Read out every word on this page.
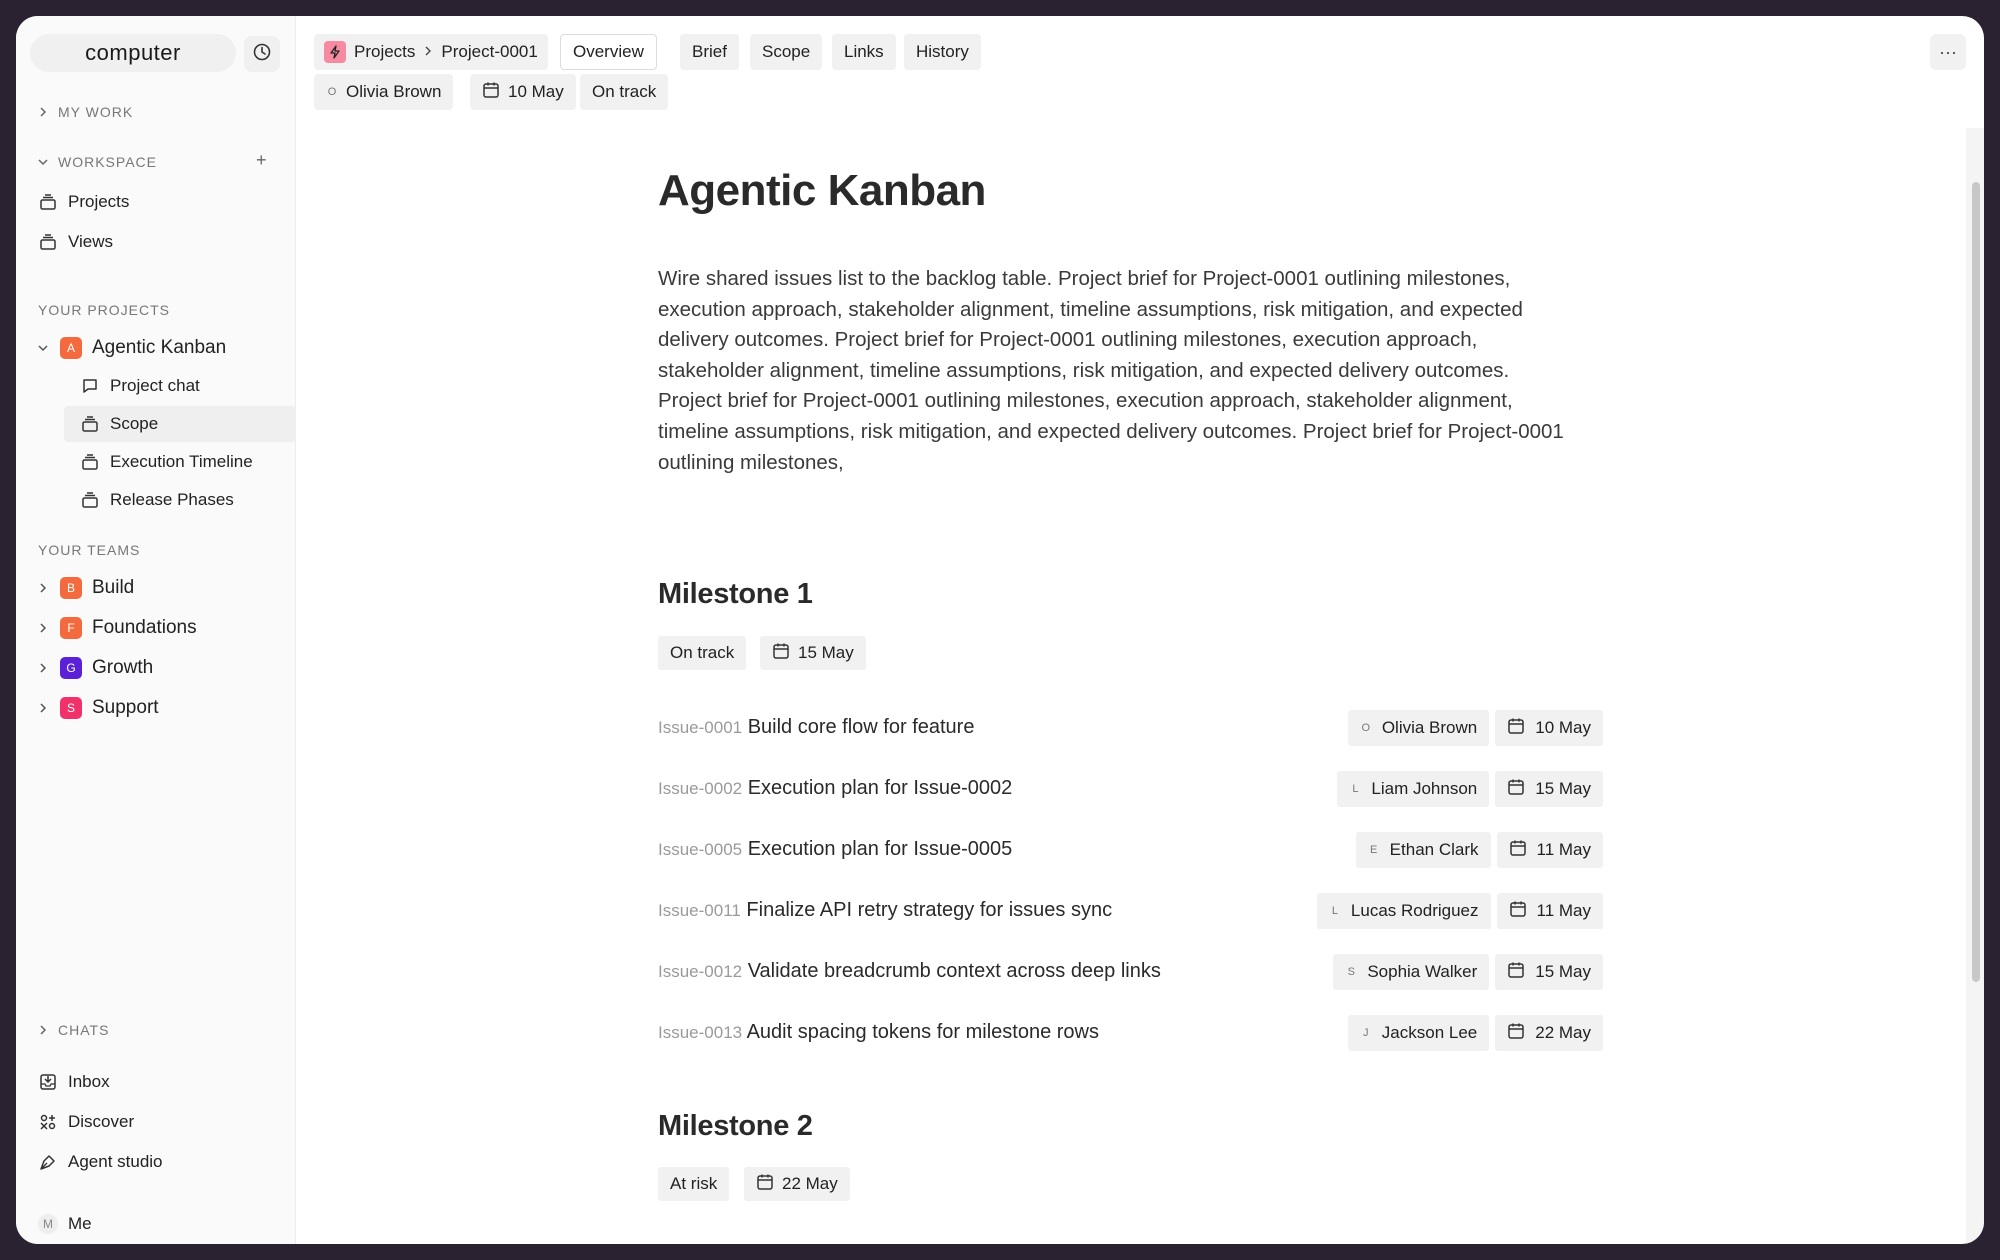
computer
MY WORK
WORKSPACE	+
Projects
Views
YOUR PROJECTS
A Agentic Kanban
Project chat
Scope
Execution Timeline
Release Phases
YOUR TEAMS
B Build
F Foundations
G Growth
S Support
CHATS
Inbox
Discover
Agent studio
M Me
Projects Project-0001	Overview	Brief	Scope	Links	History
O Olivia Brown	10 May	On track
···
Agentic Kanban
Wire shared issues list to the backlog table. Project brief for Project-0001 outlining milestones, execution approach, stakeholder alignment, timeline assumptions, risk mitigation, and expected delivery outcomes. Project brief for Project-0001 outlining milestones, execution approach, stakeholder alignment, timeline assumptions, risk mitigation, and expected delivery outcomes. Project brief for Project-0001 outlining milestones, execution approach, stakeholder alignment, timeline assumptions, risk mitigation, and expected delivery outcomes. Project brief for Project-0001 outlining milestones,
Milestone 1
On track	15 May
Issue-0001 Build core flow for feature	O Olivia Brown	10 May
Issue-0002 Execution plan for Issue-0002	L Liam Johnson	15 May
Issue-0005 Execution plan for Issue-0005	E Ethan Clark	11 May
Issue-0011 Finalize API retry strategy for issues sync	L Lucas Rodriguez	11 May
Issue-0012 Validate breadcrumb context across deep links	S Sophia Walker	15 May
Issue-0013 Audit spacing tokens for milestone rows	J Jackson Lee	22 May
Milestone 2
At risk	22 May
